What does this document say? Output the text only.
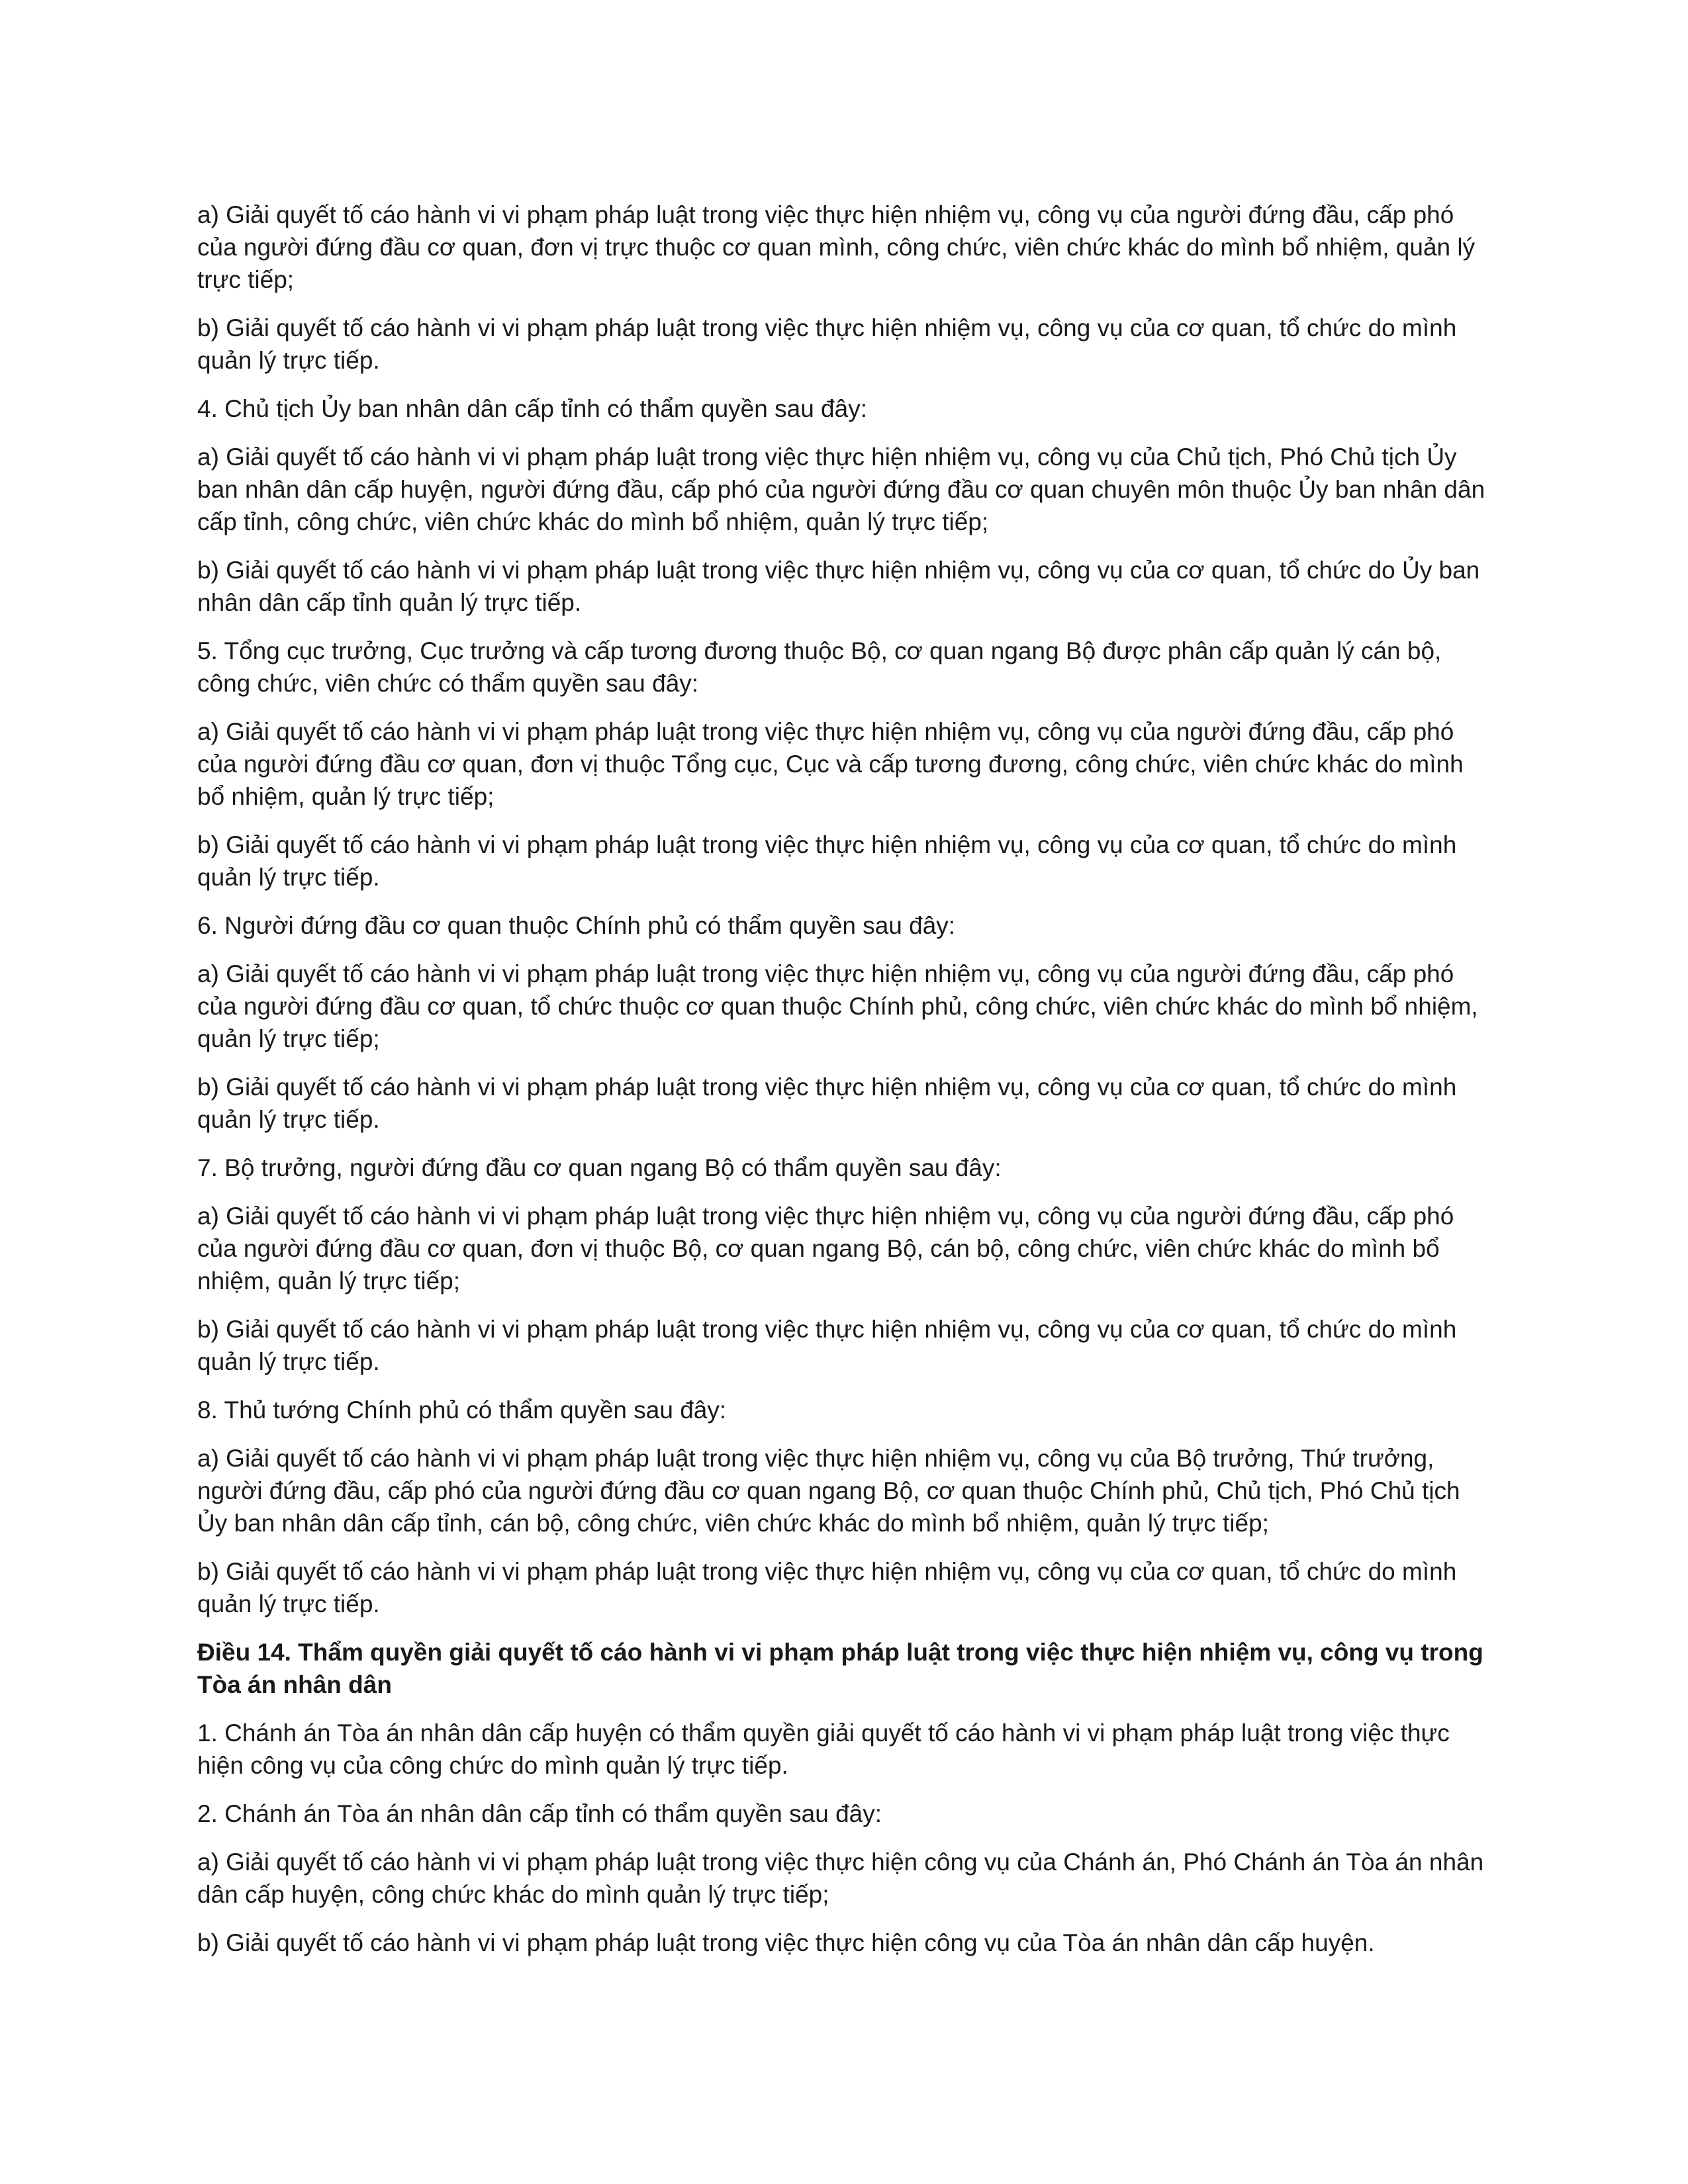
a) Giải quyết tố cáo hành vi vi phạm pháp luật trong việc thực hiện nhiệm vụ, công vụ của người đứng đầu, cấp phó của người đứng đầu cơ quan, đơn vị trực thuộc cơ quan mình, công chức, viên chức khác do mình bổ nhiệm, quản lý trực tiếp;

b) Giải quyết tố cáo hành vi vi phạm pháp luật trong việc thực hiện nhiệm vụ, công vụ của cơ quan, tổ chức do mình quản lý trực tiếp.

4. Chủ tịch Ủy ban nhân dân cấp tỉnh có thẩm quyền sau đây:

a) Giải quyết tố cáo hành vi vi phạm pháp luật trong việc thực hiện nhiệm vụ, công vụ của Chủ tịch, Phó Chủ tịch Ủy ban nhân dân cấp huyện, người đứng đầu, cấp phó của người đứng đầu cơ quan chuyên môn thuộc Ủy ban nhân dân cấp tỉnh, công chức, viên chức khác do mình bổ nhiệm, quản lý trực tiếp;

b) Giải quyết tố cáo hành vi vi phạm pháp luật trong việc thực hiện nhiệm vụ, công vụ của cơ quan, tổ chức do Ủy ban nhân dân cấp tỉnh quản lý trực tiếp.

5. Tổng cục trưởng, Cục trưởng và cấp tương đương thuộc Bộ, cơ quan ngang Bộ được phân cấp quản lý cán bộ, công chức, viên chức có thẩm quyền sau đây:

a) Giải quyết tố cáo hành vi vi phạm pháp luật trong việc thực hiện nhiệm vụ, công vụ của người đứng đầu, cấp phó của người đứng đầu cơ quan, đơn vị thuộc Tổng cục, Cục và cấp tương đương, công chức, viên chức khác do mình bổ nhiệm, quản lý trực tiếp;

b) Giải quyết tố cáo hành vi vi phạm pháp luật trong việc thực hiện nhiệm vụ, công vụ của cơ quan, tổ chức do mình quản lý trực tiếp.

6. Người đứng đầu cơ quan thuộc Chính phủ có thẩm quyền sau đây:

a) Giải quyết tố cáo hành vi vi phạm pháp luật trong việc thực hiện nhiệm vụ, công vụ của người đứng đầu, cấp phó của người đứng đầu cơ quan, tổ chức thuộc cơ quan thuộc Chính phủ, công chức, viên chức khác do mình bổ nhiệm, quản lý trực tiếp;

b) Giải quyết tố cáo hành vi vi phạm pháp luật trong việc thực hiện nhiệm vụ, công vụ của cơ quan, tổ chức do mình quản lý trực tiếp.

7. Bộ trưởng, người đứng đầu cơ quan ngang Bộ có thẩm quyền sau đây:

a) Giải quyết tố cáo hành vi vi phạm pháp luật trong việc thực hiện nhiệm vụ, công vụ của người đứng đầu, cấp phó của người đứng đầu cơ quan, đơn vị thuộc Bộ, cơ quan ngang Bộ, cán bộ, công chức, viên chức khác do mình bổ nhiệm, quản lý trực tiếp;

b) Giải quyết tố cáo hành vi vi phạm pháp luật trong việc thực hiện nhiệm vụ, công vụ của cơ quan, tổ chức do mình quản lý trực tiếp.

8. Thủ tướng Chính phủ có thẩm quyền sau đây:

a) Giải quyết tố cáo hành vi vi phạm pháp luật trong việc thực hiện nhiệm vụ, công vụ của Bộ trưởng, Thứ trưởng, người đứng đầu, cấp phó của người đứng đầu cơ quan ngang Bộ, cơ quan thuộc Chính phủ, Chủ tịch, Phó Chủ tịch Ủy ban nhân dân cấp tỉnh, cán bộ, công chức, viên chức khác do mình bổ nhiệm, quản lý trực tiếp;

b) Giải quyết tố cáo hành vi vi phạm pháp luật trong việc thực hiện nhiệm vụ, công vụ của cơ quan, tổ chức do mình quản lý trực tiếp.

Điều 14. Thẩm quyền giải quyết tố cáo hành vi vi phạm pháp luật trong việc thực hiện nhiệm vụ, công vụ trong Tòa án nhân dân

1. Chánh án Tòa án nhân dân cấp huyện có thẩm quyền giải quyết tố cáo hành vi vi phạm pháp luật trong việc thực hiện công vụ của công chức do mình quản lý trực tiếp.

2. Chánh án Tòa án nhân dân cấp tỉnh có thẩm quyền sau đây:

a) Giải quyết tố cáo hành vi vi phạm pháp luật trong việc thực hiện công vụ của Chánh án, Phó Chánh án Tòa án nhân dân cấp huyện, công chức khác do mình quản lý trực tiếp;

b) Giải quyết tố cáo hành vi vi phạm pháp luật trong việc thực hiện công vụ của Tòa án nhân dân cấp huyện.
